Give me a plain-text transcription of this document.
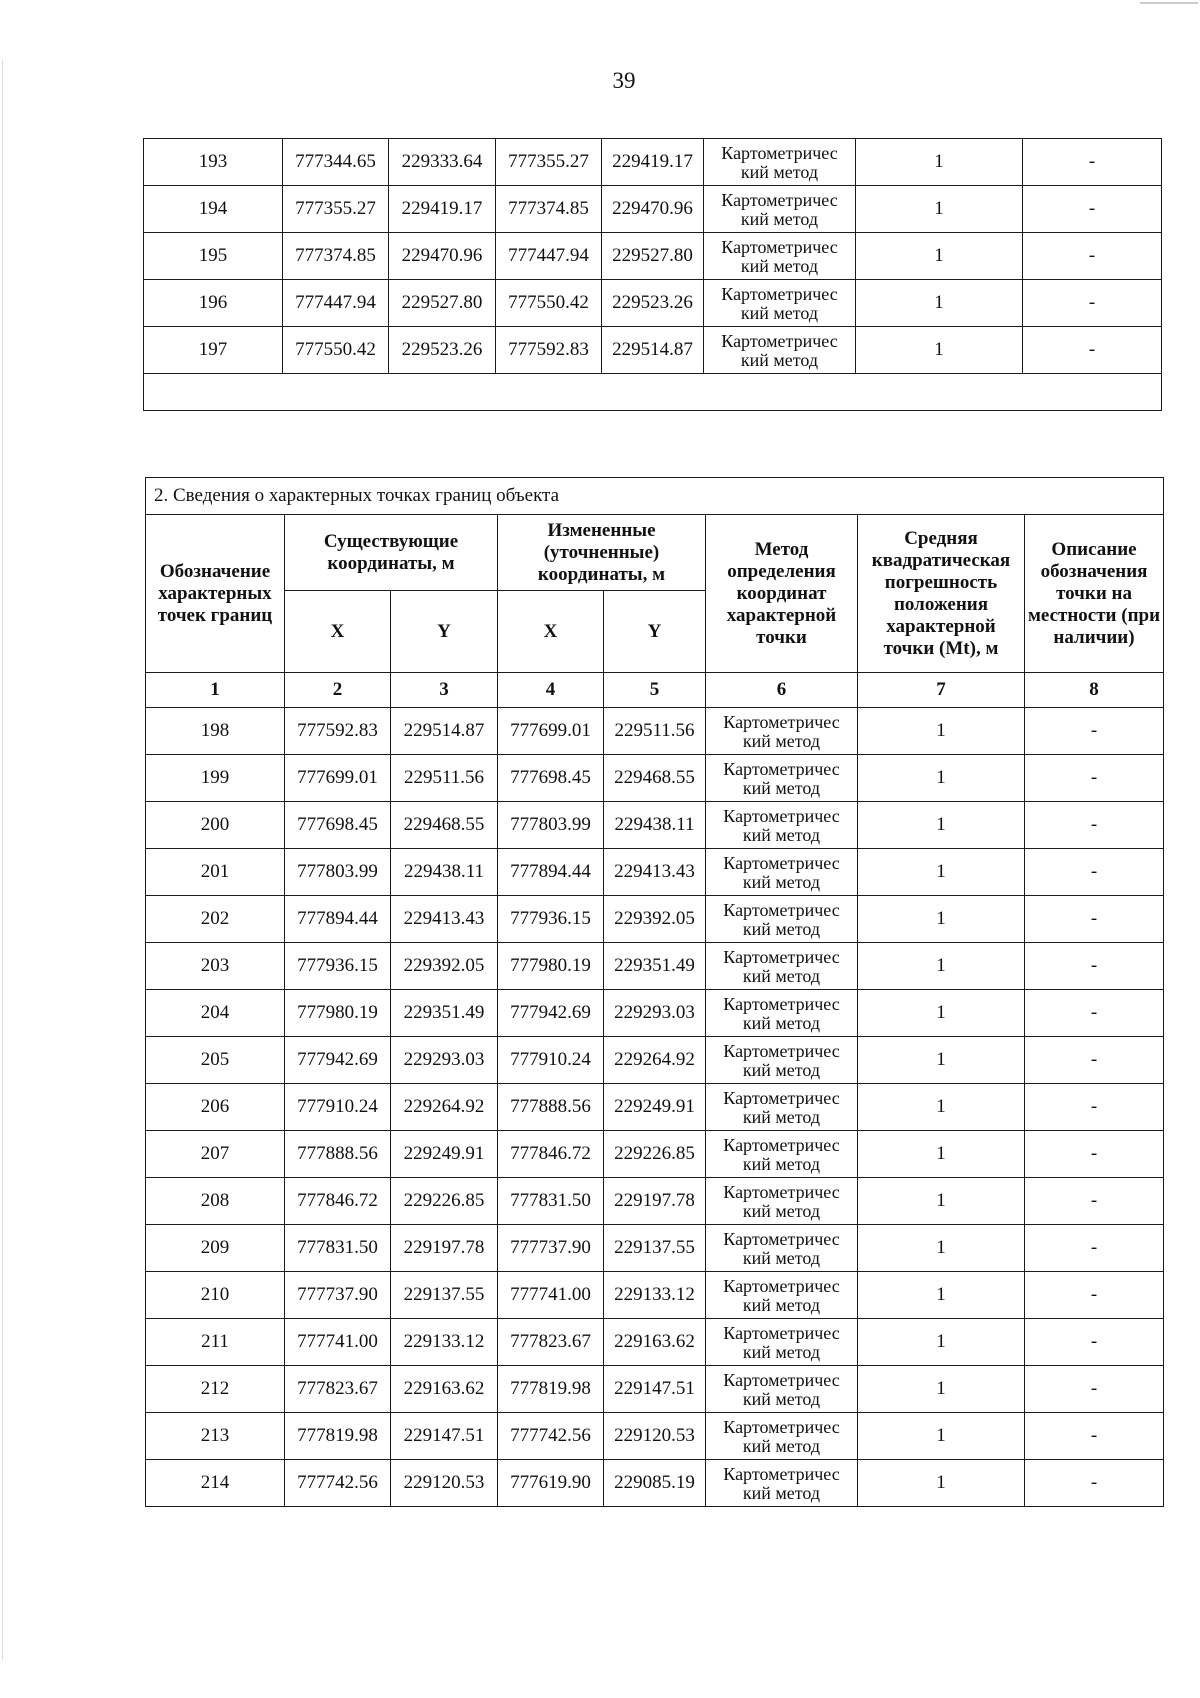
39
193	777344.65	229333.64	777355.27	229419.17	Картометричес кий метод	1	-
194	777355.27	229419.17	777374.85	229470.96	Картометричес кий метод	1	-
195	777374.85	229470.96	777447.94	229527.80	Картометричес кий метод	1	-
196	777447.94	229527.80	777550.42	229523.26	Картометричес кий метод	1	-
197	777550.42	229523.26	777592.83	229514.87	Картометричес кий метод	1	-

2. Сведения о характерных точках границ объекта							
Обозначение характерных точек границ	Существующие координаты, м		Измененные (уточненные) координаты, м		Метод определения координат характерной точки	Средняя квадратическая погрешность положения характерной точки (Mt), м	Описание обозначения точки на местности (при наличии)
	X	Y	X	Y			
1	2	3	4	5	6	7	8
198	777592.83	229514.87	777699.01	229511.56	Картометричес кий метод	1	-
199	777699.01	229511.56	777698.45	229468.55	Картометричес кий метод	1	-
200	777698.45	229468.55	777803.99	229438.11	Картометричес кий метод	1	-
201	777803.99	229438.11	777894.44	229413.43	Картометричес кий метод	1	-
202	777894.44	229413.43	777936.15	229392.05	Картометричес кий метод	1	-
203	777936.15	229392.05	777980.19	229351.49	Картометричес кий метод	1	-
204	777980.19	229351.49	777942.69	229293.03	Картометричес кий метод	1	-
205	777942.69	229293.03	777910.24	229264.92	Картометричес кий метод	1	-
206	777910.24	229264.92	777888.56	229249.91	Картометричес кий метод	1	-
207	777888.56	229249.91	777846.72	229226.85	Картометричес кий метод	1	-
208	777846.72	229226.85	777831.50	229197.78	Картометричес кий метод	1	-
209	777831.50	229197.78	777737.90	229137.55	Картометричес кий метод	1	-
210	777737.90	229137.55	777741.00	229133.12	Картометричес кий метод	1	-
211	777741.00	229133.12	777823.67	229163.62	Картометричес кий метод	1	-
212	777823.67	229163.62	777819.98	229147.51	Картометричес кий метод	1	-
213	777819.98	229147.51	777742.56	229120.53	Картометричес кий метод	1	-
214	777742.56	229120.53	777619.90	229085.19	Картометричес кий метод	1	-
